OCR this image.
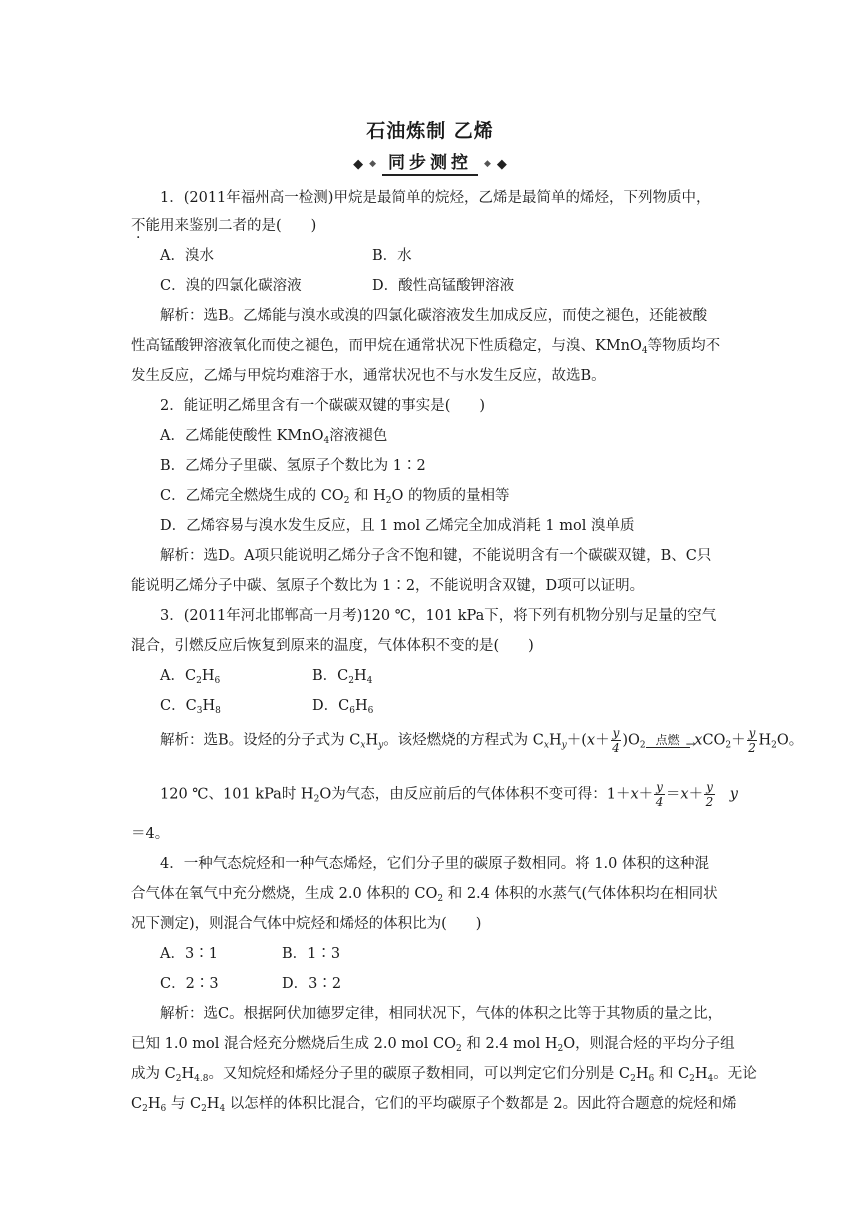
石油炼制 乙烯
◆ ◆ 同步测控	◆ ◆
1．(2011年福州高一检测)甲烷是最简单的烷烃，乙烯是最简单的烯烃，下列物质中，
不能用来鉴别二者的是(　　)
A．溴水	B．水
C．溴的四氯化碳溶液	D．酸性高锰酸钾溶液
解析：选B。乙烯能与溴水或溴的四氯化碳溶液发生加成反应，而使之褪色，还能被酸
性高锰酸钾溶液氧化而使之褪色，而甲烷在通常状况下性质稳定，与溴、KMnO$_4$等物质均不
发生反应，乙烯与甲烷均难溶于水，通常状况也不与水发生反应，故选B。
2．能证明乙烯里含有一个碳碳双键的事实是(　　)
A．乙烯能使酸性 KMnO$_4$溶液褪色
B．乙烯分子里碳、氢原子个数比为 1∶2
C．乙烯完全燃烧生成的 $CO_2$ 和 $H_2O$ 的物质的量相等
D．乙烯容易与溴水发生反应，且 1 mol 乙烯完全加成消耗 1 mol 溴单质
解析：选D。A项只能说明乙烯分子含不饱和键，不能说明含有一个碳碳双键，B、C只
能说明乙烯分子中碳、氢原子个数比为 1∶2，不能说明含双键，D项可以证明。
3．(2011年河北邯郸高一月考)120 ℃，101 kPa下，将下列有机物分别与足量的空气
混合，引燃反应后恢复到原来的温度，气体体积不变的是(　　)
A．$C_2H_6$	B．$C_2H_4$
C．$C_3H_8$	D．$C_6H_6$
解析：选B。设烃的分子式为 $C_xH_y$。该烃燃烧的方程式为 $C_xH_y+(x+ \frac{y}{4} )O_2$ 点燃 → $xCO_2+ \frac{y}{2} H_2O$。
120 ℃、101 kPa时 $H_2O$为气态，由反应前后的气体体积不变可得：$1+x+ \frac{y}{4} =x+ \frac{y}{2}$ y
＝4。
4．一种气态烷烃和一种气态烯烃，它们分子里的碳原子数相同。将 1.0 体积的这种混
合气体在氧气中充分燃烧，生成 2.0 体积的 $CO_2$ 和 2.4 体积的水蒸气(气体体积均在相同状
况下测定)，则混合气体中烷烃和烯烃的体积比为(　　)
A．3∶1	B．1∶3
C．2∶3	D．3∶2
解析：选C。根据阿伏加德罗定律，相同状况下，气体的体积之比等于其物质的量之比，
已知 1.0 mol 混合烃充分燃烧后生成 2.0 mol $CO_2$ 和 2.4 mol $H_2O$，则混合烃的平均分子组
成为 $C_2H_{4.8}$。又知烷烃和烯烃分子里的碳原子数相同，可以判定它们分别是 $C_2H_6$ 和 $C_2H_4$。无论
$C_2H_6$ 与 $C_2H_4$ 以怎样的体积比混合，它们的平均碳原子个数都是 2。因此符合题意的烷烃和烯
